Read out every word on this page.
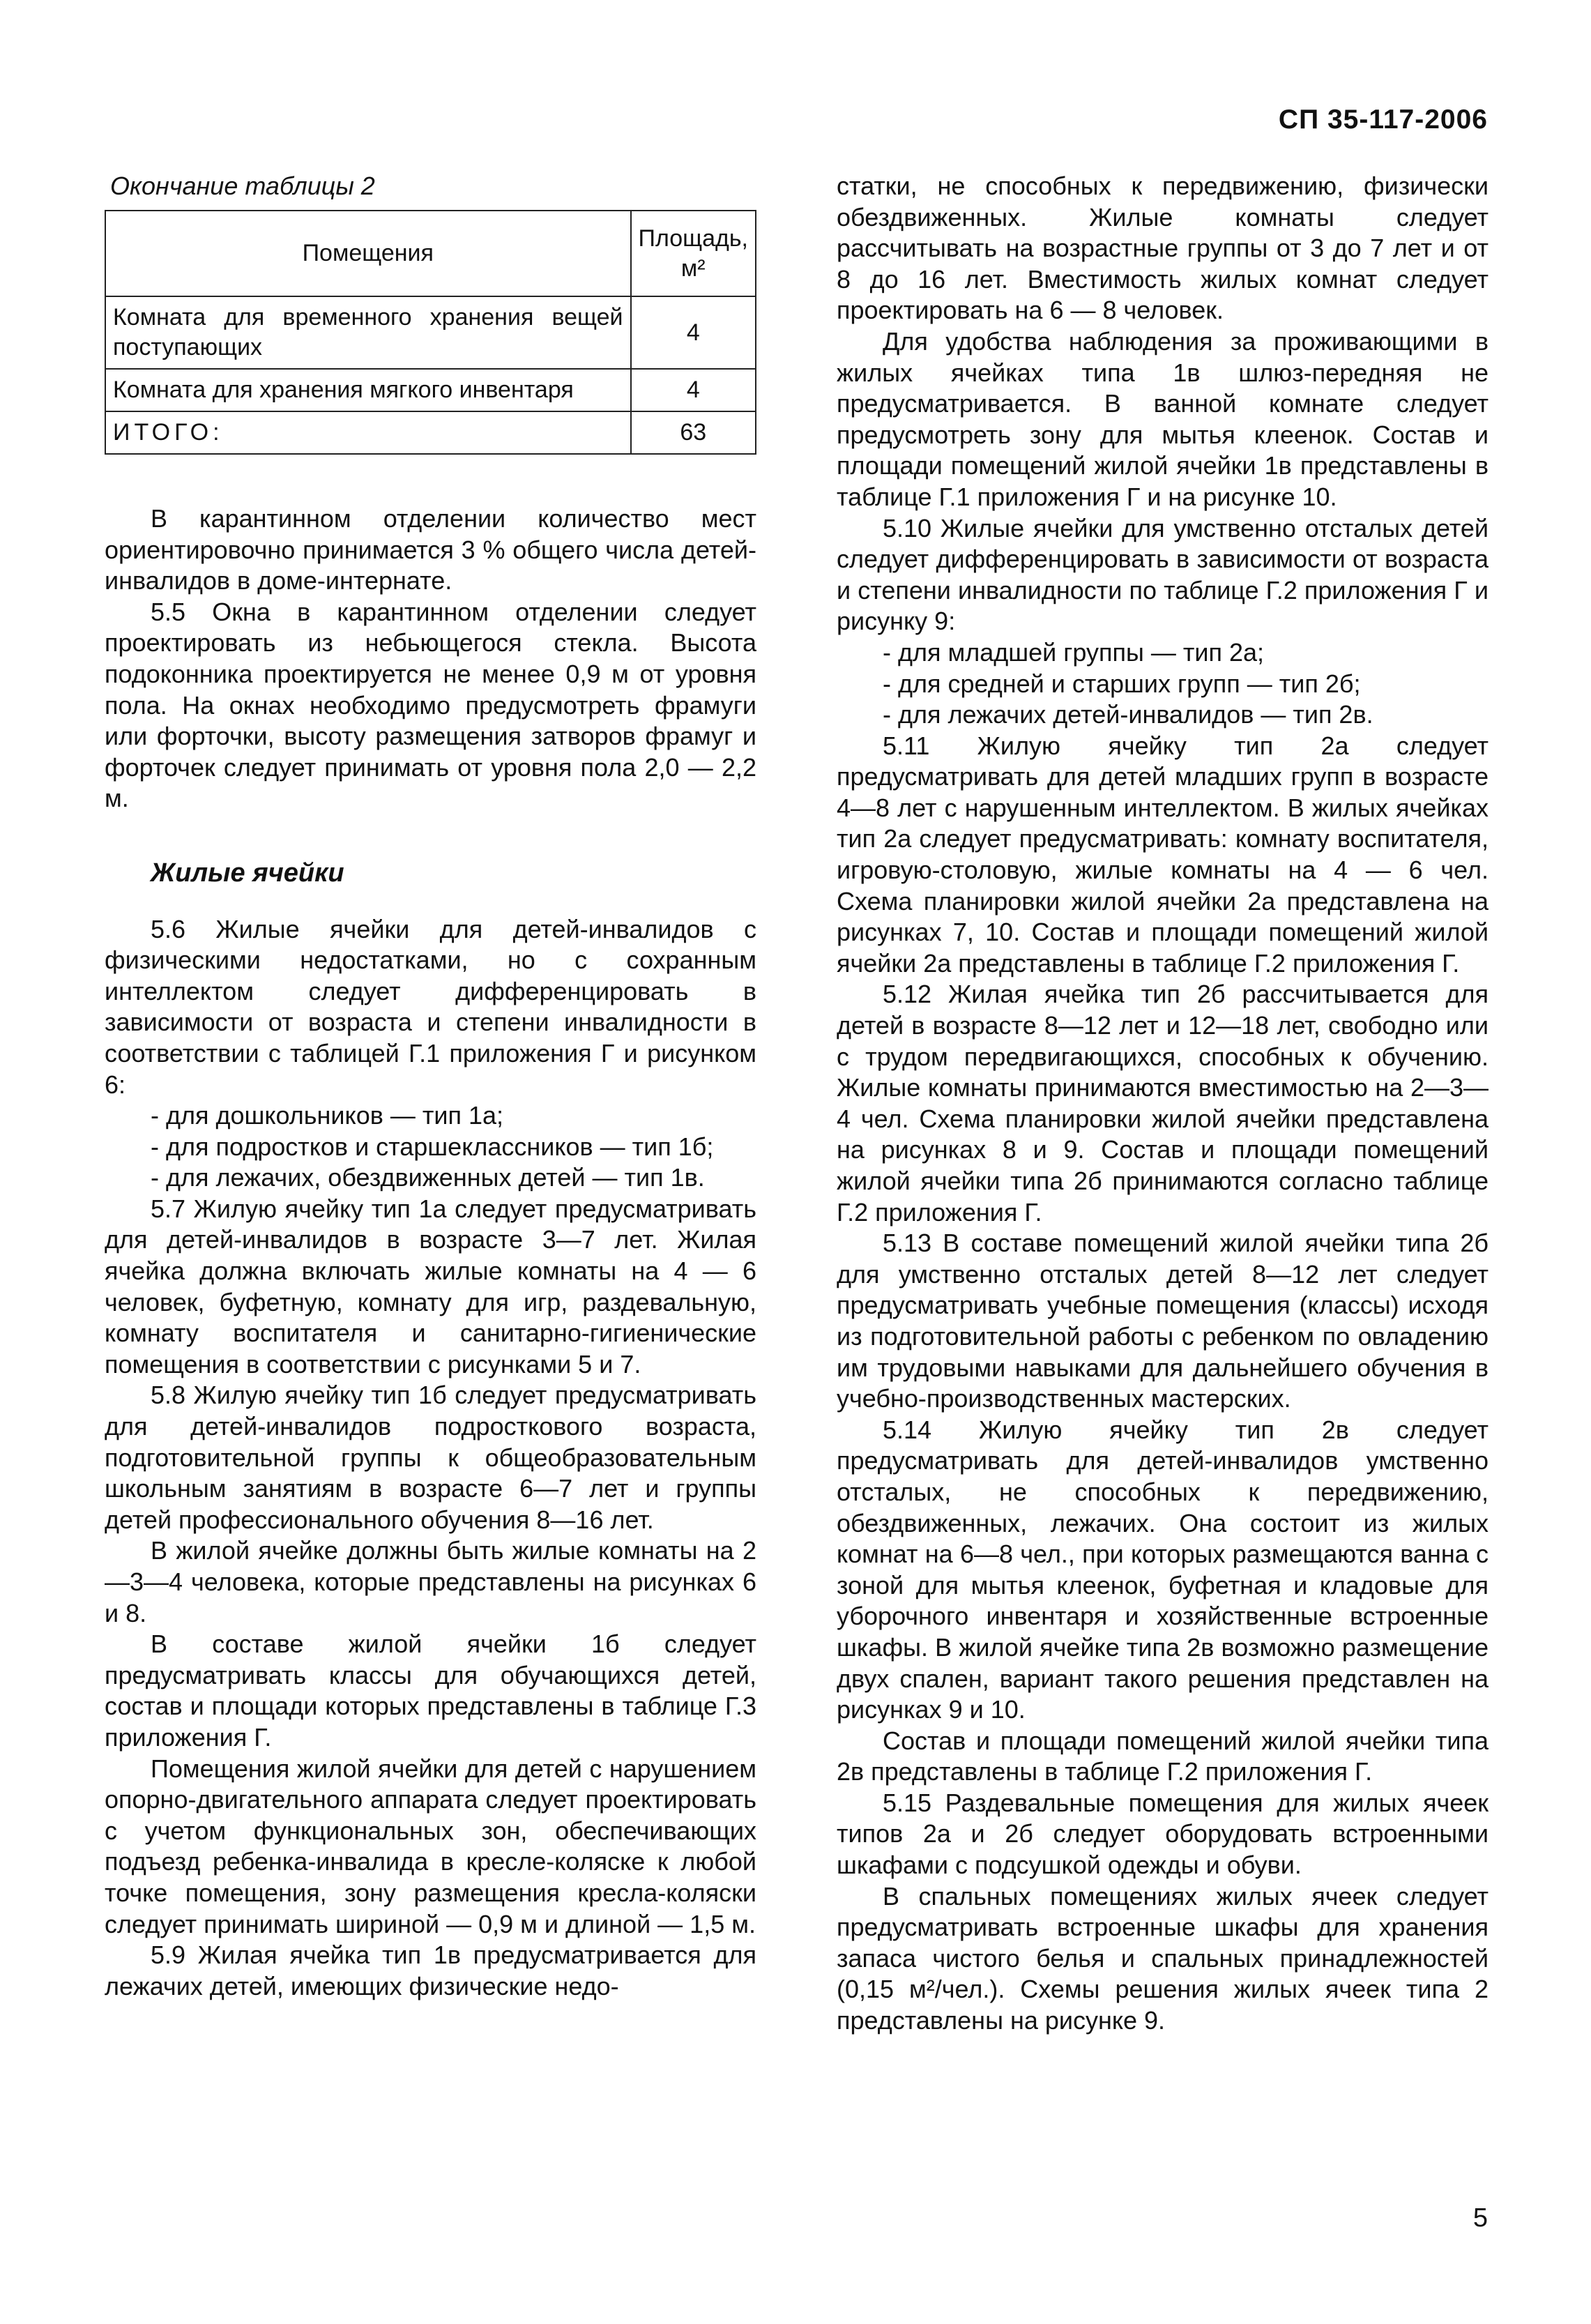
СП 35-117-2006
Окончание таблицы 2
Помещения	Площадь, м²
Комната для временного хранения вещей поступающих	4
Комната для хранения мягкого инвентаря	4
ИТОГО:	63

В карантинном отделении количество мест ориентировочно принимается 3 % общего числа детей-инвалидов в доме-интернате.

5.5 Окна в карантинном отделении следует проектировать из небьющегося стекла. Высота подоконника проектируется не менее 0,9 м от уровня пола. На окнах необходимо предусмотреть фрамуги или форточки, высоту размещения затворов фрамуг и форточек следует принимать от уровня пола 2,0 — 2,2 м.

Жилые ячейки

5.6 Жилые ячейки для детей-инвалидов с физическими недостатками, но с сохранным интеллектом следует дифференцировать в зависимости от возраста и степени инвалидности в соответствии с таблицей Г.1 приложения Г и рисунком 6:

- для дошкольников — тип 1а;

- для подростков и старшеклассников — тип 1б;

- для лежачих, обездвиженных детей — тип 1в.

5.7 Жилую ячейку тип 1а следует предусматривать для детей-инвалидов в возрасте 3—7 лет. Жилая ячейка должна включать жилые комнаты на 4 — 6 человек, буфетную, комнату для игр, раздевальную, комнату воспитателя и санитарно-гигиенические помещения в соответствии с рисунками 5 и 7.

5.8 Жилую ячейку тип 1б следует предусматривать для детей-инвалидов подросткового возраста, подготовительной группы к общеобразовательным школьным занятиям в возрасте 6—7 лет и группы детей профессионального обучения 8—16 лет.

В жилой ячейке должны быть жилые комнаты на 2—3—4 человека, которые представлены на рисунках 6 и 8.

В составе жилой ячейки 1б следует предусматривать классы для обучающихся детей, состав и площади которых представлены в таблице Г.3 приложения Г.

Помещения жилой ячейки для детей с нарушением опорно-двигательного аппарата следует проектировать с учетом функциональных зон, обеспечивающих подъезд ребенка-инвалида в кресле-коляске к любой точке помещения, зону размещения кресла-коляски следует принимать шириной — 0,9 м и длиной — 1,5 м.

5.9 Жилая ячейка тип 1в предусматривается для лежачих детей, имеющих физические недо-

статки, не способных к передвижению, физически обездвиженных. Жилые комнаты следует рассчитывать на возрастные группы от 3 до 7 лет и от 8 до 16 лет. Вместимость жилых комнат следует проектировать на 6 — 8 человек.

Для удобства наблюдения за проживающими в жилых ячейках типа 1в шлюз-передняя не предусматривается. В ванной комнате следует предусмотреть зону для мытья клеенок. Состав и площади помещений жилой ячейки 1в представлены в таблице Г.1 приложения Г и на рисунке 10.

5.10 Жилые ячейки для умственно отсталых детей следует дифференцировать в зависимости от возраста и степени инвалидности по таблице Г.2 приложения Г и рисунку 9:

- для младшей группы — тип 2а;

- для средней и старших групп — тип 2б;

- для лежачих детей-инвалидов — тип 2в.

5.11 Жилую ячейку тип 2а следует предусматривать для детей младших групп в возрасте 4—8 лет с нарушенным интеллектом. В жилых ячейках тип 2а следует предусматривать: комнату воспитателя, игровую-столовую, жилые комнаты на 4 — 6 чел. Схема планировки жилой ячейки 2а представлена на рисунках 7, 10. Состав и площади помещений жилой ячейки 2а представлены в таблице Г.2 приложения Г.

5.12 Жилая ячейка тип 2б рассчитывается для детей в возрасте 8—12 лет и 12—18 лет, свободно или с трудом передвигающихся, способных к обучению. Жилые комнаты принимаются вместимостью на 2—3—4 чел. Схема планировки жилой ячейки представлена на рисунках 8 и 9. Состав и площади помещений жилой ячейки типа 2б принимаются согласно таблице Г.2 приложения Г.

5.13 В составе помещений жилой ячейки типа 2б для умственно отсталых детей 8—12 лет следует предусматривать учебные помещения (классы) исходя из подготовительной работы с ребенком по овладению им трудовыми навыками для дальнейшего обучения в учебно-производственных мастерских.

5.14 Жилую ячейку тип 2в следует предусматривать для детей-инвалидов умственно отсталых, не способных к передвижению, обездвиженных, лежачих. Она состоит из жилых комнат на 6—8 чел., при которых размещаются ванна с зоной для мытья клеенок, буфетная и кладовые для уборочного инвентаря и хозяйственные встроенные шкафы. В жилой ячейке типа 2в возможно размещение двух спален, вариант такого решения представлен на рисунках 9 и 10.

Состав и площади помещений жилой ячейки типа 2в представлены в таблице Г.2 приложения Г.

5.15 Раздевальные помещения для жилых ячеек типов 2а и 2б следует оборудовать встроенными шкафами с подсушкой одежды и обуви.

В спальных помещениях жилых ячеек следует предусматривать встроенные шкафы для хранения запаса чистого белья и спальных принадлежностей (0,15 м²/чел.). Схемы решения жилых ячеек типа 2 представлены на рисунке 9.

5
